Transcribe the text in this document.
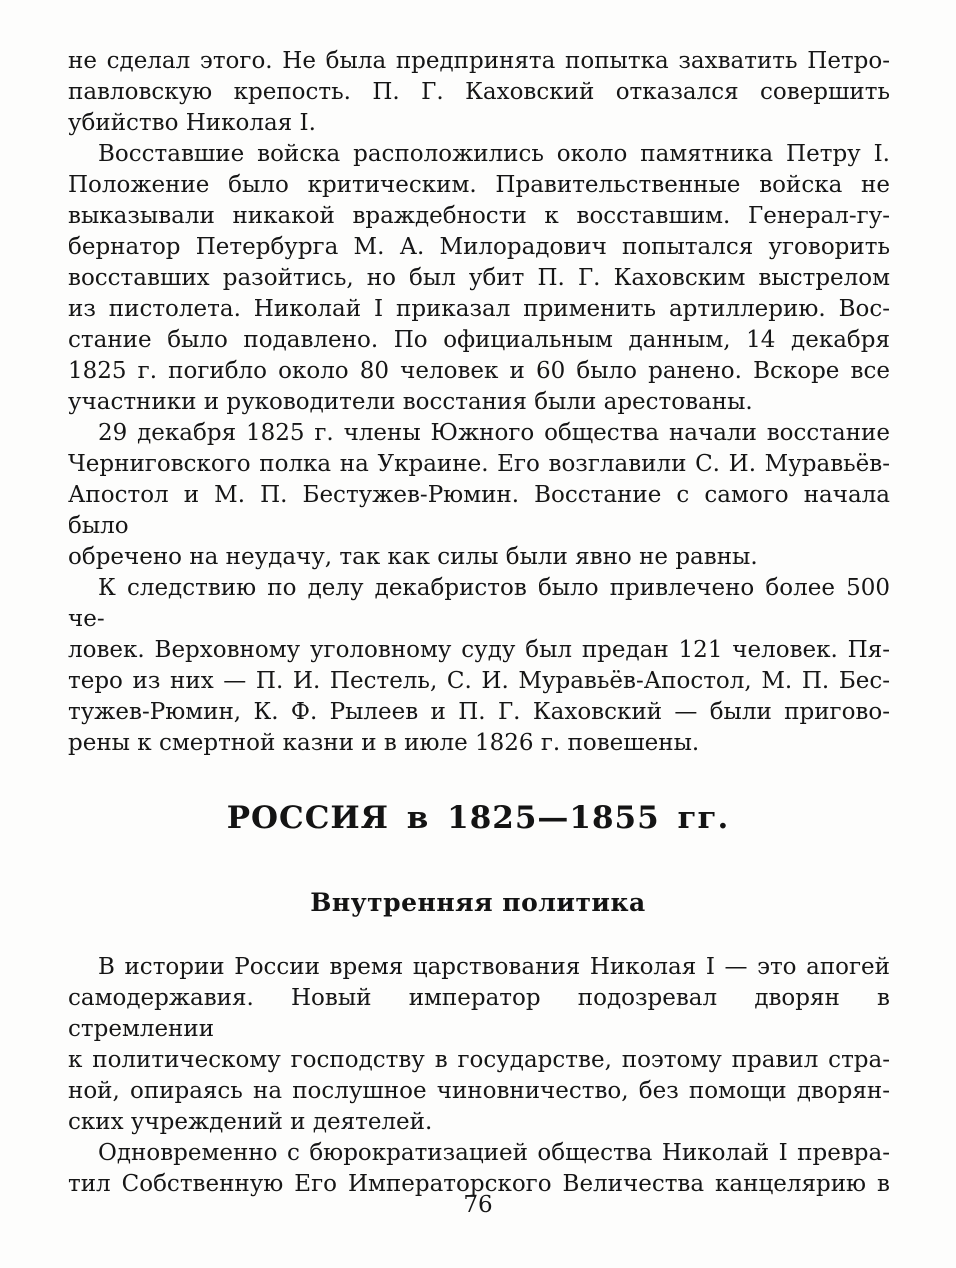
не сделал этого. Не была предпринята попытка захватить Петро-
павловскую крепость. П. Г. Каховский отказался совершить
убийство Николая I.
Восставшие войска расположились около памятника Петру I.
Положение было критическим. Правительственные войска не
выказывали никакой враждебности к восставшим. Генерал-гу-
бернатор Петербурга М. А. Милорадович попытался уговорить
восставших разойтись, но был убит П. Г. Каховским выстрелом
из пистолета. Николай I приказал применить артиллерию. Вос-
стание было подавлено. По официальным данным, 14 декабря
1825 г. погибло около 80 человек и 60 было ранено. Вскоре все
участники и руководители восстания были арестованы.
29 декабря 1825 г. члены Южного общества начали восстание
Черниговского полка на Украине. Его возглавили С. И. Муравьёв-
Апостол и М. П. Бестужев-Рюмин. Восстание с самого начала было
обречено на неудачу, так как силы были явно не равны.
К следствию по делу декабристов было привлечено более 500 че-
ловек. Верховному уголовному суду был предан 121 человек. Пя-
теро из них — П. И. Пестель, С. И. Муравьёв-Апостол, М. П. Бес-
тужев-Рюмин, К. Ф. Рылеев и П. Г. Каховский — были пригово-
рены к смертной казни и в июле 1826 г. повешены.
РОССИЯ в 1825—1855 гг.
Внутренняя политика
В истории России время царствования Николая I — это апогей
самодержавия. Новый император подозревал дворян в стремлении
к политическому господству в государстве, поэтому правил стра-
ной, опираясь на послушное чиновничество, без помощи дворян-
ских учреждений и деятелей.
Одновременно с бюрократизацией общества Николай I превра-
тил Собственную Его Императорского Величества канцелярию в
76
